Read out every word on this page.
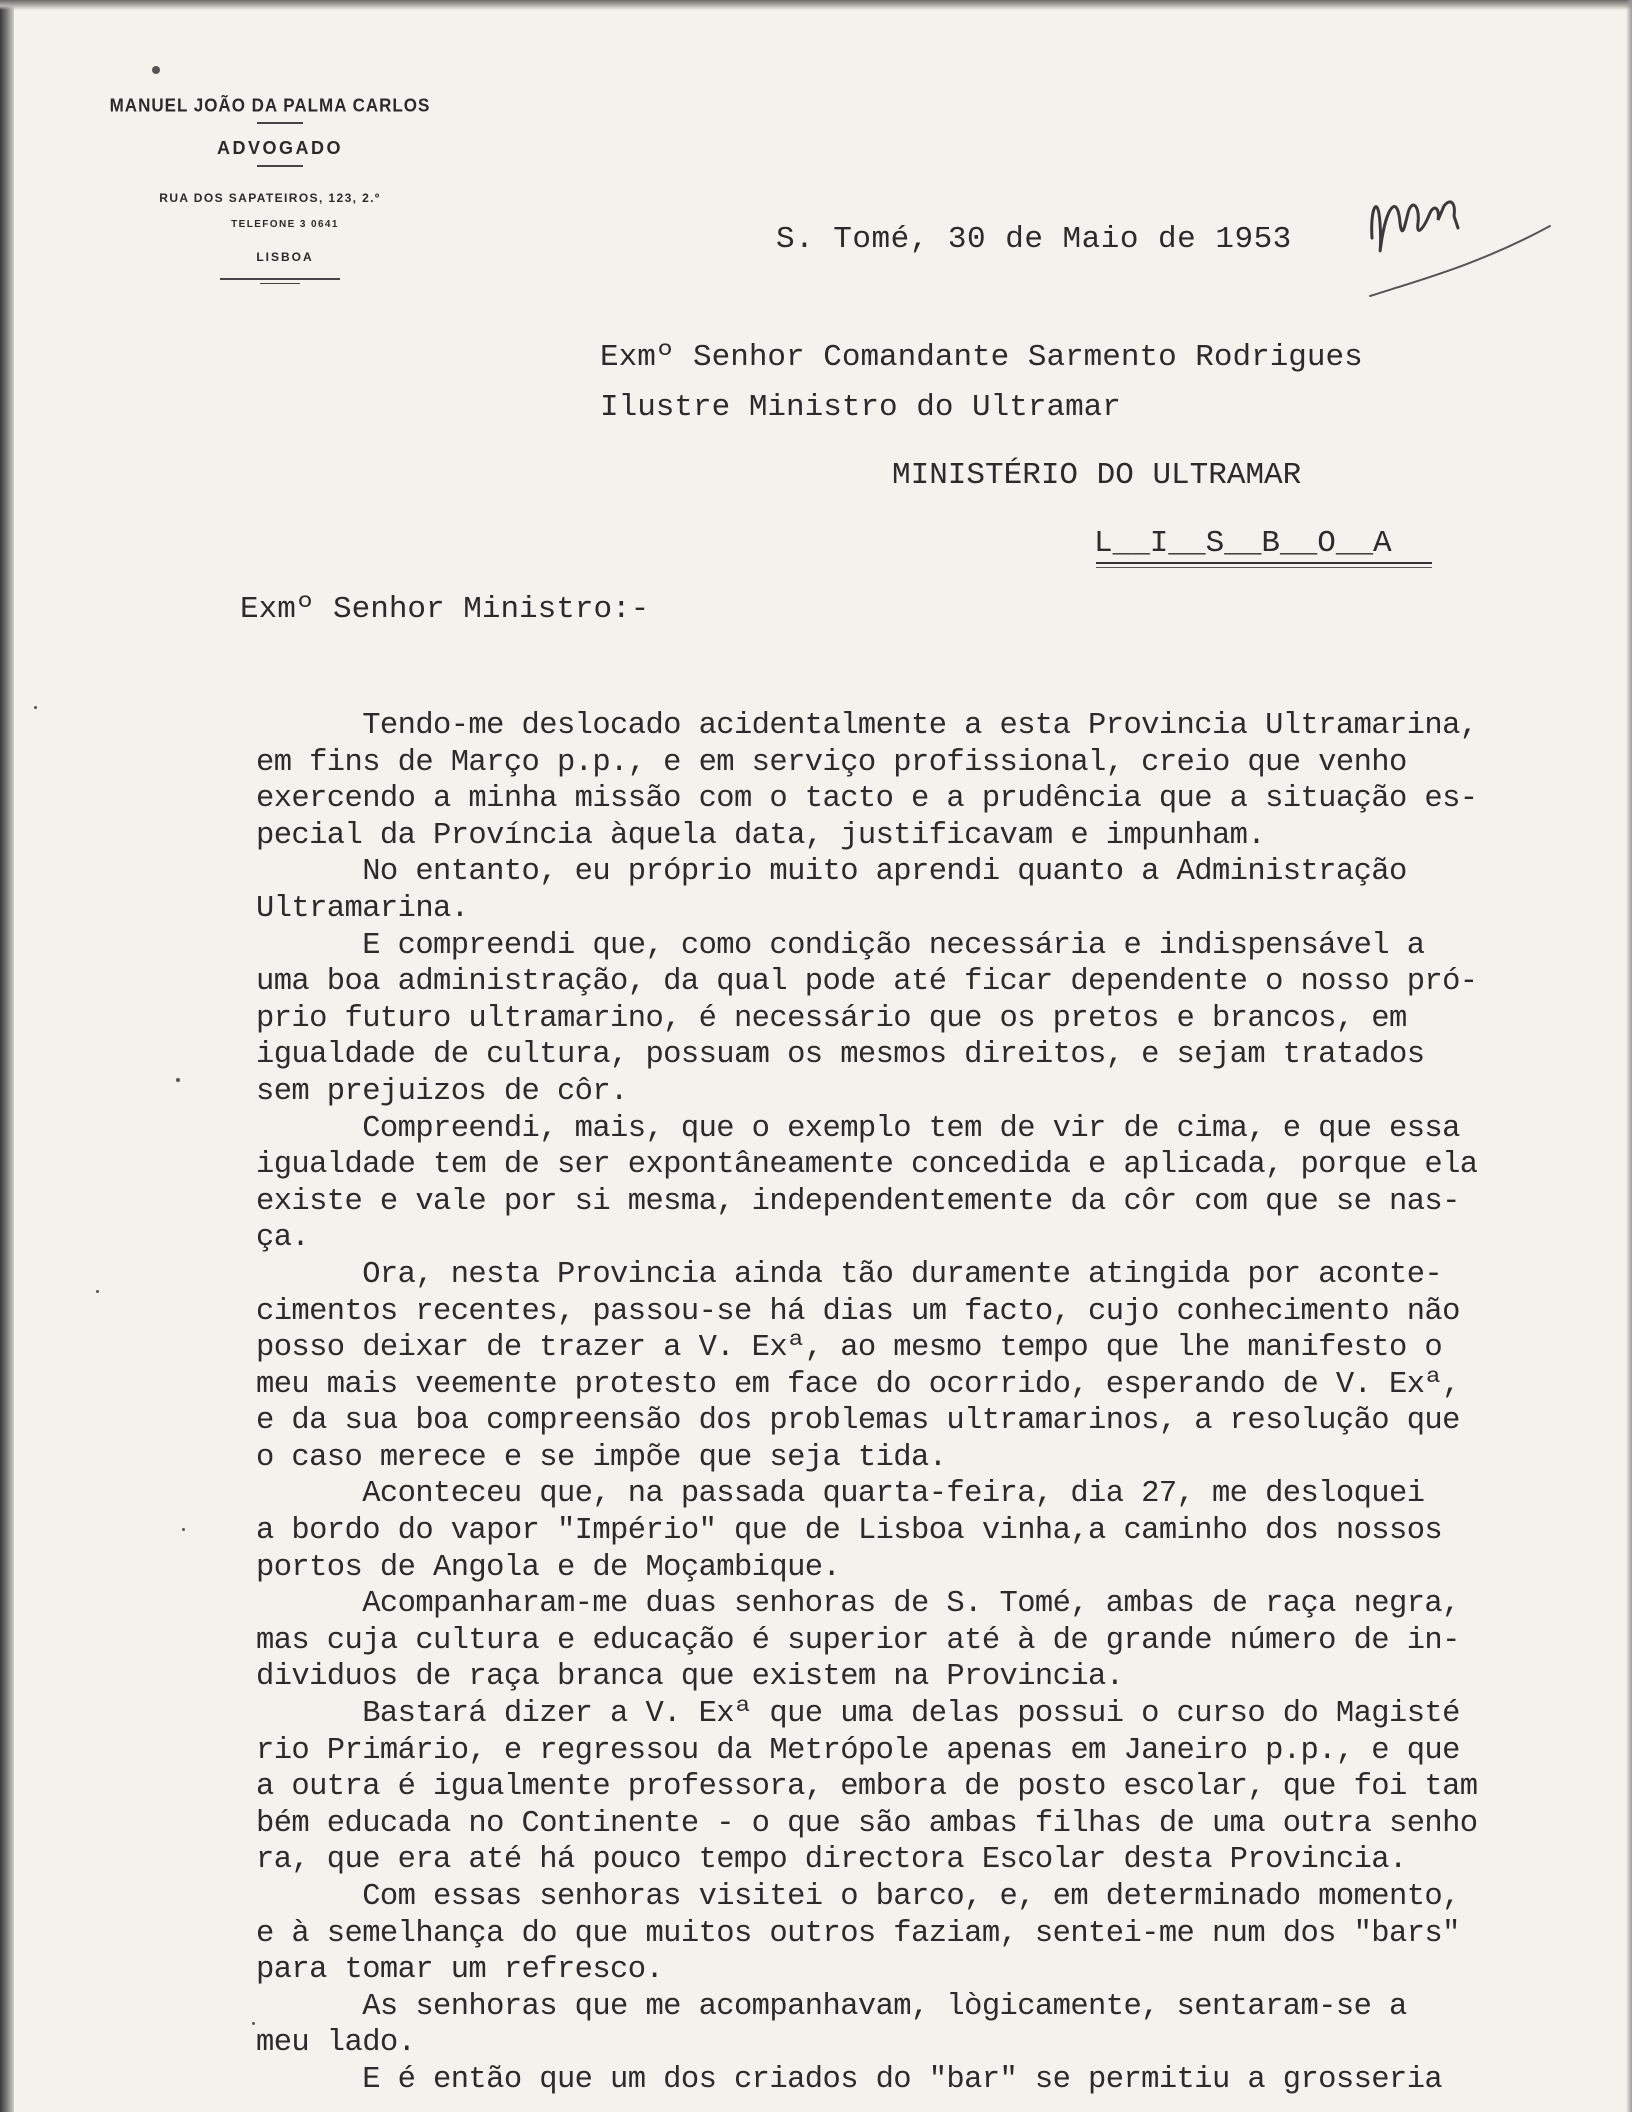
MANUEL JOÃO DA PALMA CARLOS
ADVOGADO
RUA DOS SAPATEIROS, 123, 2.º
TELEFONE 3 0641
LISBOA	S. Tomé, 30 de Maio de 1953
Exmº Senhor Comandante Sarmento Rodrigues
Ilustre Ministro do Ultramar
MINISTÉRIO DO ULTRAMAR
L__I__S__B__O__A
Exmº Senhor Ministro:-
Tendo-me deslocado acidentalmente a esta Provincia Ultramarina,
em fins de Março p.p., e em serviço profissional, creio que venho
exercendo a minha missão com o tacto e a prudência que a situação es-
pecial da Província àquela data, justificavam e impunham.
No entanto, eu próprio muito aprendi quanto a Administração
Ultramarina.
E compreendi que, como condição necessária e indispensável a
uma boa administração, da qual pode até ficar dependente o nosso pró-
prio futuro ultramarino, é necessário que os pretos e brancos, em
igualdade de cultura, possuam os mesmos direitos, e sejam tratados
sem prejuizos de côr.
Compreendi, mais, que o exemplo tem de vir de cima, e que essa
igualdade tem de ser expontâneamente concedida e aplicada, porque ela
existe e vale por si mesma, independentemente da côr com que se nas-
ça.
Ora, nesta Provincia ainda tão duramente atingida por aconte-
cimentos recentes, passou-se há dias um facto, cujo conhecimento não
posso deixar de trazer a V. Exª, ao mesmo tempo que lhe manifesto o
meu mais veemente protesto em face do ocorrido, esperando de V. Exª,
e da sua boa compreensão dos problemas ultramarinos, a resolução que
o caso merece e se impõe que seja tida.
Aconteceu que, na passada quarta-feira, dia 27, me desloquei
a bordo do vapor "Império" que de Lisboa vinha,a caminho dos nossos
portos de Angola e de Moçambique.
Acompanharam-me duas senhoras de S. Tomé, ambas de raça negra,
mas cuja cultura e educação é superior até à de grande número de in-
dividuos de raça branca que existem na Provincia.
Bastará dizer a V. Exª que uma delas possui o curso do Magisté
rio Primário, e regressou da Metrópole apenas em Janeiro p.p., e que
a outra é igualmente professora, embora de posto escolar, que foi tam
bém educada no Continente - o que são ambas filhas de uma outra senho
ra, que era até há pouco tempo directora Escolar desta Provincia.
Com essas senhoras visitei o barco, e, em determinado momento,
e à semelhança do que muitos outros faziam, sentei-me num dos "bars"
para tomar um refresco.
As senhoras que me acompanhavam, lògicamente, sentaram-se a
meu lado.
E é então que um dos criados do "bar" se permitiu a grosseria
